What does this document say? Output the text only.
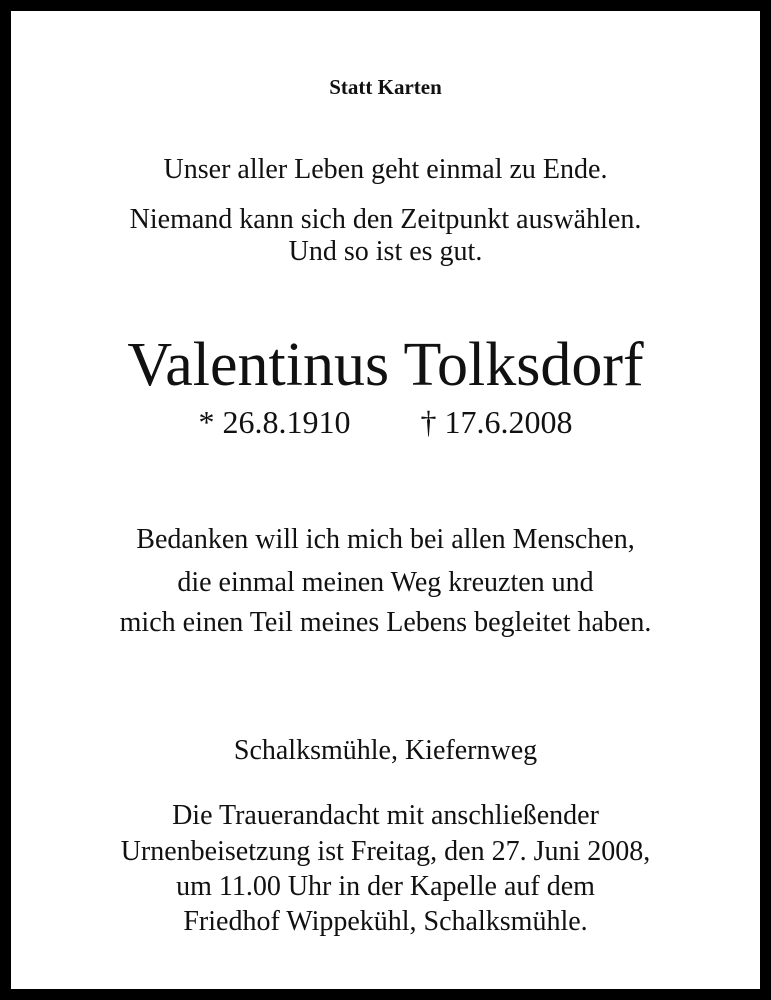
Statt Karten

Unser aller Leben geht einmal zu Ende.

Niemand kann sich den Zeitpunkt auswählen.

Und so ist es gut.

Valentinus Tolksdorf

* 26.8.1910 † 17.6.2008

Bedanken will ich mich bei allen Menschen,

die einmal meinen Weg kreuzten und

mich einen Teil meines Lebens begleitet haben.

Schalksmühle, Kiefernweg

Die Trauerandacht mit anschließender

Urnenbeisetzung ist Freitag, den 27. Juni 2008,

um 11.00 Uhr in der Kapelle auf dem

Friedhof Wippekühl, Schalksmühle.
